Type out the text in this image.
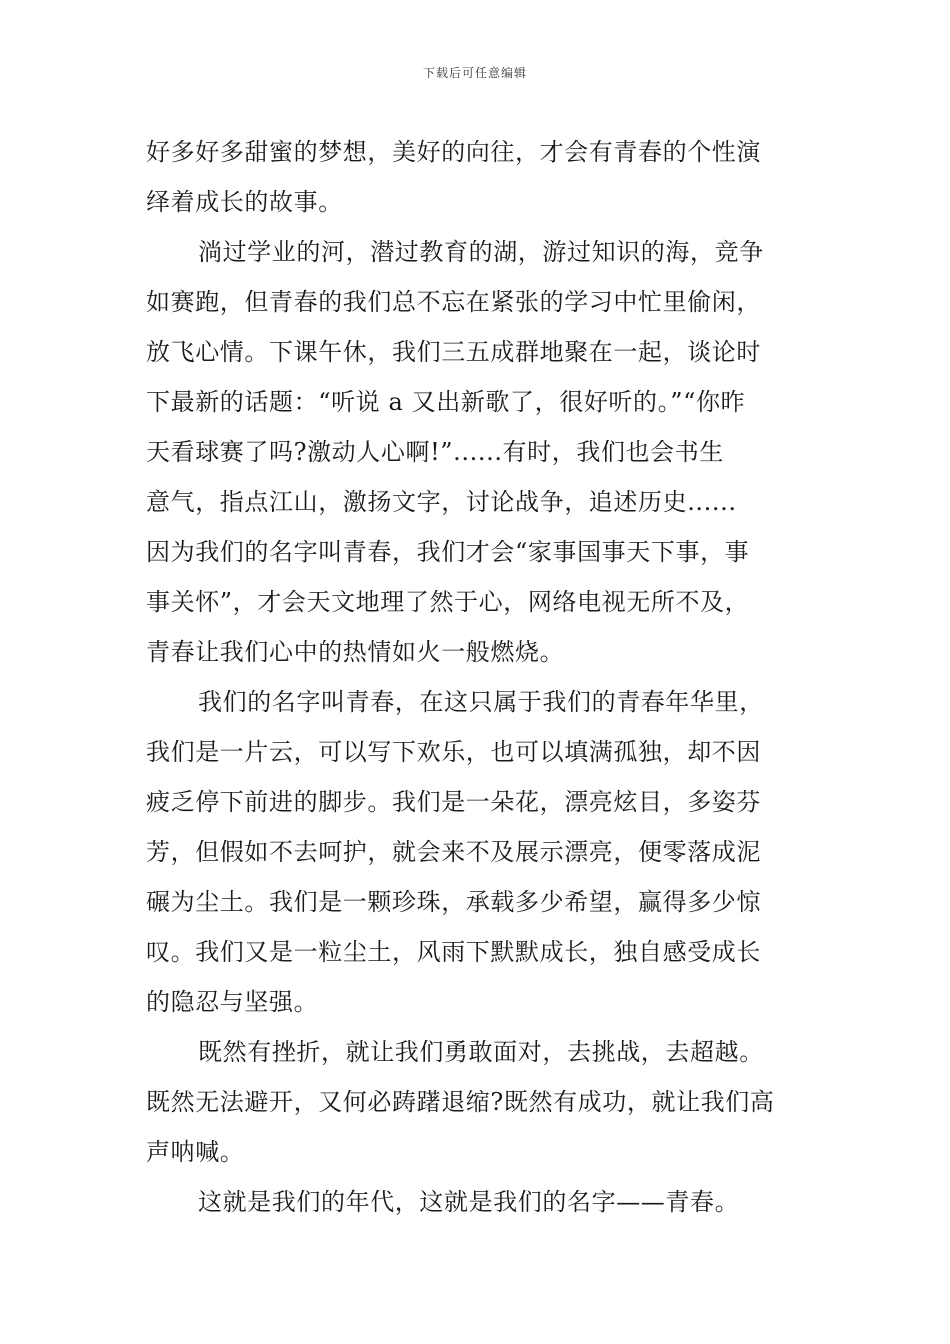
下载后可任意编辑
好多好多甜蜜的梦想，美好的向往，才会有青春的个性演
绎着成长的故事。
淌过学业的河，潜过教育的湖，游过知识的海，竞争
如赛跑，但青春的我们总不忘在紧张的学习中忙里偷闲，
放飞心情。下课午休，我们三五成群地聚在一起，谈论时
下最新的话题：“听说 a 又出新歌了，很好听的。”“你昨
天看球赛了吗?激动人心啊!”......有时，我们也会书生
意气，指点江山，激扬文字，讨论战争，追述历史......
因为我们的名字叫青春，我们才会“家事国事天下事，事
事关怀”，才会天文地理了然于心，网络电视无所不及，
青春让我们心中的热情如火一般燃烧。
我们的名字叫青春，在这只属于我们的青春年华里，
我们是一片云，可以写下欢乐，也可以填满孤独，却不因
疲乏停下前进的脚步。我们是一朵花，漂亮炫目，多姿芬
芳，但假如不去呵护，就会来不及展示漂亮，便零落成泥
碾为尘土。我们是一颗珍珠，承载多少希望，赢得多少惊
叹。我们又是一粒尘土，风雨下默默成长，独自感受成长
的隐忍与坚强。
既然有挫折，就让我们勇敢面对，去挑战，去超越。
既然无法避开，又何必踌躇退缩?既然有成功，就让我们高
声呐喊。
这就是我们的年代，这就是我们的名字——青春。
